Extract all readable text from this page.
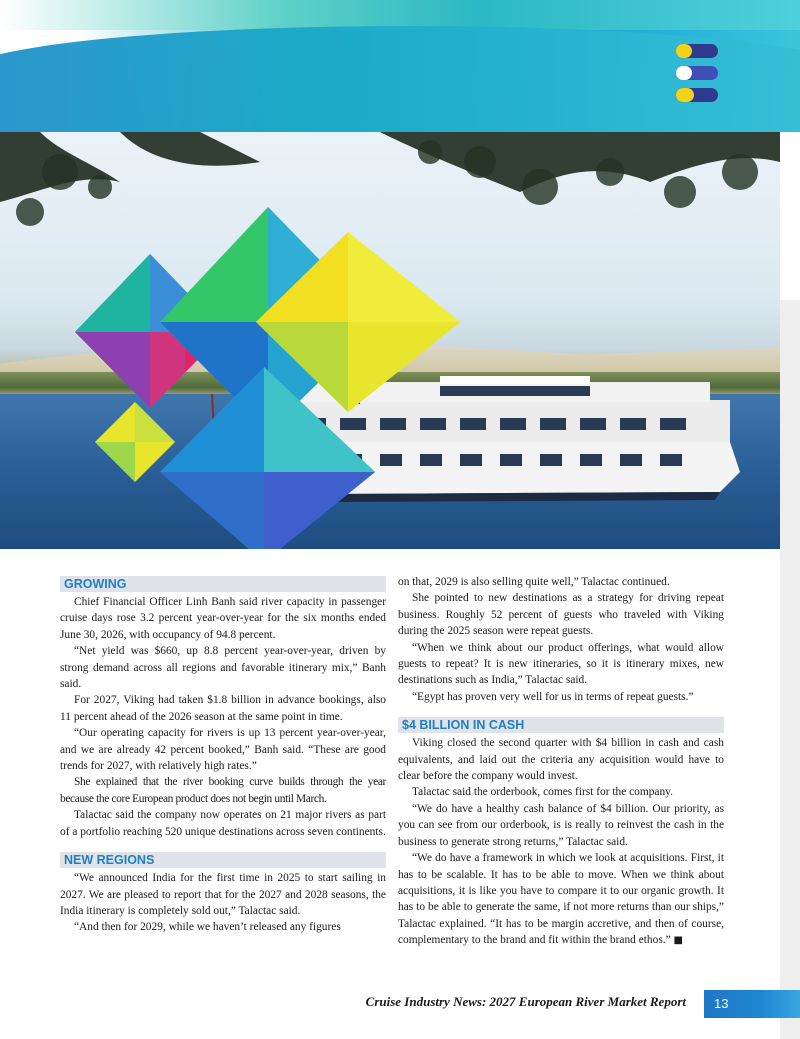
GROWING

Chief Financial Officer Linh Banh said river capacity in passenger cruise days rose 3.2 percent year-over-year for the six months ended June 30, 2026, with occupancy of 94.8 percent.

“Net yield was $660, up 8.8 percent year-over-year, driven by strong demand across all regions and favorable itinerary mix,” Banh said.

For 2027, Viking had taken $1.8 billion in advance bookings, also 11 percent ahead of the 2026 season at the same point in time.

“Our operating capacity for rivers is up 13 percent year-over-year, and we are already 42 percent booked,” Banh said. “These are good trends for 2027, with relatively high rates.”

She explained that the river booking curve builds through the year because the core European product does not begin until March.

Talactac said the company now operates on 21 major rivers as part of a portfolio reaching 520 unique destinations across seven continents.

NEW REGIONS

“We announced India for the first time in 2025 to start sailing in 2027. We are pleased to report that for the 2027 and 2028 seasons, the India itinerary is completely sold out,” Talactac said.

“And then for 2029, while we haven’t released any figures

on that, 2029 is also selling quite well,” Talactac continued.

She pointed to new destinations as a strategy for driving repeat business. Roughly 52 percent of guests who traveled with Viking during the 2025 season were repeat guests.

“When we think about our product offerings, what would allow guests to repeat? It is new itineraries, so it is itinerary mixes, new destinations such as India,” Talactac said.

“Egypt has proven very well for us in terms of repeat guests.”

$4 BILLION IN CASH

Viking closed the second quarter with $4 billion in cash and cash equivalents, and laid out the criteria any acquisition would have to clear before the company would invest.

Talactac said the orderbook, comes first for the company.

“We do have a healthy cash balance of $4 billion. Our priority, as you can see from our orderbook, is is really to reinvest the cash in the business to generate strong returns,” Talactac said.

“We do have a framework in which we look at acquisitions. First, it has to be scalable. It has to be able to move. When we think about acquisitions, it is like you have to compare it to our organic growth. It has to be able to generate the same, if not more returns than our ships,” Talactac explained. “It has to be margin accretive, and then of course, complementary to the brand and fit within the brand ethos.” ■

Cruise Industry News: 2027 European River Market Report	13
